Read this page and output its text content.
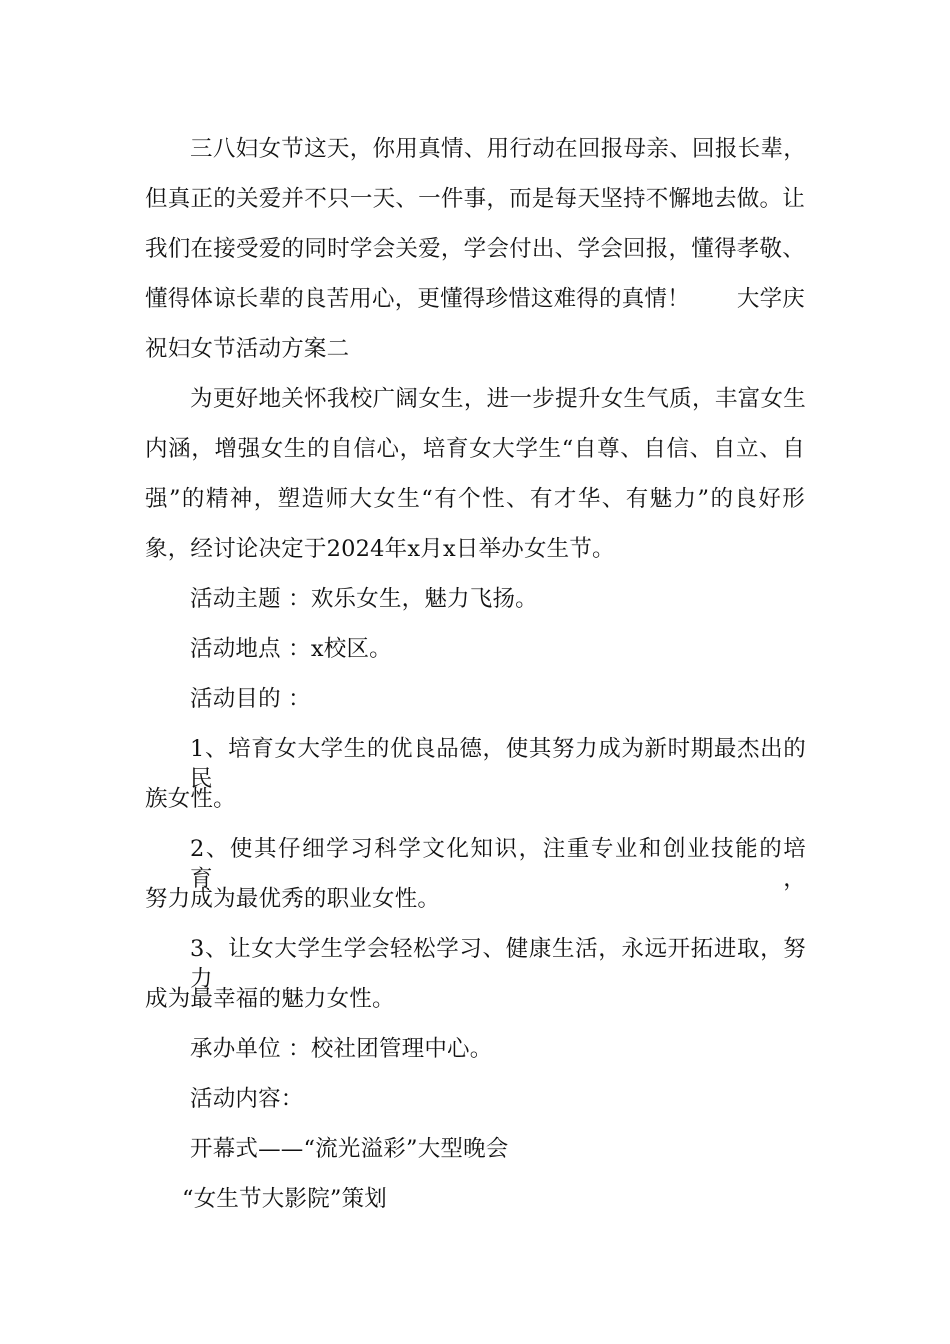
三八妇女节这天，你用真情、用行动在回报母亲、回报长辈，
但真正的关爱并不只一天、一件事，而是每天坚持不懈地去做。让
我们在接受爱的同时学会关爱，学会付出、学会回报，懂得孝敬、
懂得体谅长辈的良苦用心，更懂得珍惜这难得的真情！ 大学庆
祝妇女节活动方案二
为更好地关怀我校广阔女生，进一步提升女生气质，丰富女生
内涵，增强女生的自信心，培育女大学生“自尊、自信、自立、自
强”的精神，塑造师大女生“有个性、有才华、有魅力”的良好形
象，经讨论决定于2024年x月x日举办女生节。
活动主题 ：欢乐女生，魅力飞扬。
活动地点 ：x校区。
活动目的 ：
1、培育女大学生的优良品德，使其努力成为新时期最杰出的民
族女性。
2、使其仔细学习科学文化知识，注重专业和创业技能的培育，
努力成为最优秀的职业女性。
3、让女大学生学会轻松学习、健康生活，永远开拓进取，努力
成为最幸福的魅力女性。
承办单位 ：校社团管理中心。
活动内容：
开幕式——“流光溢彩”大型晚会
“女生节大影院”策划
